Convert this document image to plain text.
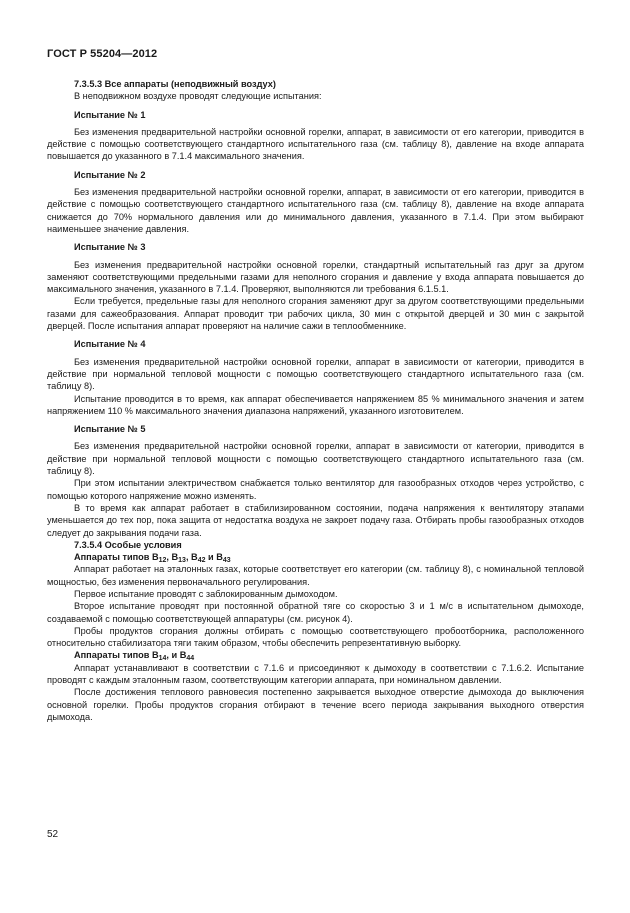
ГОСТ Р 55204—2012
7.3.5.3 Все аппараты (неподвижный воздух)

В неподвижном воздухе проводят следующие испытания:

Испытание № 1

Без изменения предварительной настройки основной горелки, аппарат, в зависимости от его категории, приводится в действие с помощью соответствующего стандартного испытательного газа (см. таблицу 8), давление на входе аппарата повышается до указанного в 7.1.4 максимального значения.

Испытание № 2

Без изменения предварительной настройки основной горелки, аппарат, в зависимости от его категории, приводится в действие с помощью соответствующего стандартного испытательного газа (см. таблицу 8), давление на входе аппарата снижается до 70% нормального давления или до минимального давления, указанного в 7.1.4. При этом выбирают наименьшее значение давления.

Испытание № 3

Без изменения предварительной настройки основной горелки, стандартный испытательный газ друг за другом заменяют соответствующими предельными газами для неполного сгорания и давление у входа аппарата повышается до максимального значения, указанного в 7.1.4. Проверяют, выполняются ли требования 6.1.5.1.

Если требуется, предельные газы для неполного сгорания заменяют друг за другом соответствующими предельными газами для сажеобразования. Аппарат проводит три рабочих цикла, 30 мин с открытой дверцей и 30 мин с закрытой дверцей. После испытания аппарат проверяют на наличие сажи в теплообменнике.

Испытание № 4

Без изменения предварительной настройки основной горелки, аппарат в зависимости от категории, приводится в действие при нормальной тепловой мощности с помощью соответствующего стандартного испытательного газа (см. таблицу 8).

Испытание проводится в то время, как аппарат обеспечивается напряжением 85 % минимального значения и затем напряжением 110 % максимального значения диапазона напряжений, указанного изготовителем.

Испытание № 5

Без изменения предварительной настройки основной горелки, аппарат в зависимости от категории, приводится в действие при нормальной тепловой мощности с помощью соответствующего стандартного испытательного газа (см. таблицу 8).

При этом испытании электричеством снабжается только вентилятор для газообразных отходов через устройство, с помощью которого напряжение можно изменять.

В то время как аппарат работает в стабилизированном состоянии, подача напряжения к вентилятору этапами уменьшается до тех пор, пока защита от недостатка воздуха не закроет подачу газа. Отбирать пробы газообразных отходов следует до закрывания подачи газа.

7.3.5.4 Особые условия
Аппараты типов $B_{12}$, $B_{13}$, $B_{42}$ и $B_{43}$

Аппарат работает на эталонных газах, которые соответствует его категории (см. таблицу 8), с номинальной тепловой мощностью, без изменения первоначального регулирования.

Первое испытание проводят с заблокированным дымоходом.

Второе испытание проводят при постоянной обратной тяге со скоростью 3 и 1 м/с в испытательном дымоходе, создаваемой с помощью соответствующей аппаратуры (см. рисунок 4).

Пробы продуктов сгорания должны отбирать с помощью соответствующего пробоотборника, расположенного относительно стабилизатора тяги таким образом, чтобы обеспечить репрезентативную выборку.

Аппараты типов $B_{14}$, и $B_{44}$

Аппарат устанавливают в соответствии с 7.1.6 и присоединяют к дымоходу в соответствии с 7.1.6.2. Испытание проводят с каждым эталонным газом, соответствующим категории аппарата, при номинальном давлении.

После достижения теплового равновесия постепенно закрывается выходное отверстие дымохода до выключения основной горелки. Пробы продуктов сгорания отбирают в течение всего периода закрывания выходного отверстия дымохода.

52
